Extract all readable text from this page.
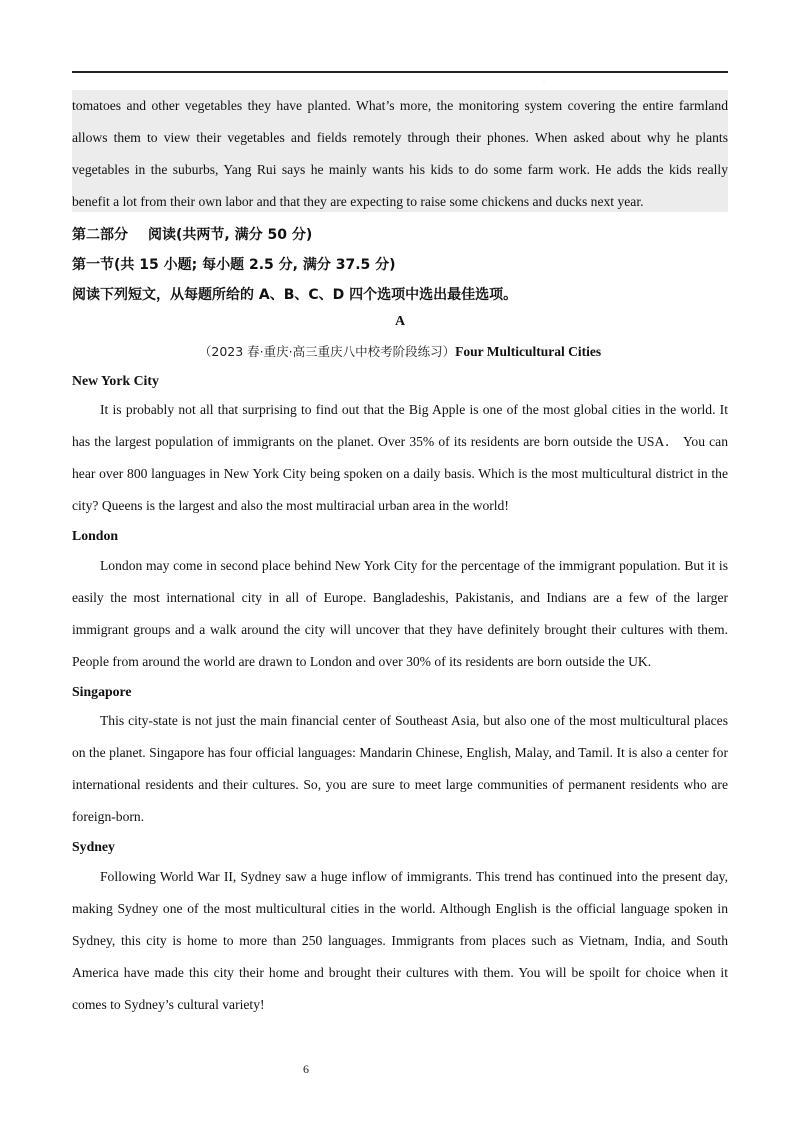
·

tomatoes and other vegetables they have planted. What’s more, the monitoring system covering the entire farmland

allows them to view their vegetables and fields remotely through their phones. When asked about why he plants

vegetables in the suburbs, Yang Rui says he mainly wants his kids to do some farm work. He adds the kids really

benefit a lot from their own labor and that they are expecting to raise some chickens and ducks next year.

第二部分 阅读(共两节, 满分 50 分)
第一节(共 15 小题; 每小题 2.5 分, 满分 37.5 分)
阅读下列短文，从每题所给的 A、B、C、D 四个选项中选出最佳选项。
A
（2023 春·重庆·高三重庆八中校考阶段练习）Four Multicultural Cities
New York City
It is probably not all that surprising to find out that the Big Apple is one of the most global cities in the world. It has the largest population of immigrants on the planet. Over 35% of its residents are born outside the USA． You can hear over 800 languages in New York City being spoken on a daily basis. Which is the most multicultural district in the city? Queens is the largest and also the most multiracial urban area in the world!
London
London may come in second place behind New York City for the percentage of the immigrant population. But it is easily the most international city in all of Europe. Bangladeshis, Pakistanis, and Indians are a few of the larger immigrant groups and a walk around the city will uncover that they have definitely brought their cultures with them. People from around the world are drawn to London and over 30% of its residents are born outside the UK.
Singapore
This city-state is not just the main financial center of Southeast Asia, but also one of the most multicultural places on the planet. Singapore has four official languages: Mandarin Chinese, English, Malay, and Tamil. It is also a center for international residents and their cultures. So, you are sure to meet large communities of permanent residents who are foreign-born.
Sydney
Following World War II, Sydney saw a huge inflow of immigrants. This trend has continued into the present day, making Sydney one of the most multicultural cities in the world. Although English is the official language spoken in Sydney, this city is home to more than 250 languages. Immigrants from places such as Vietnam, India, and South America have made this city their home and brought their cultures with them. You will be spoilt for choice when it comes to Sydney’s cultural variety!
6
